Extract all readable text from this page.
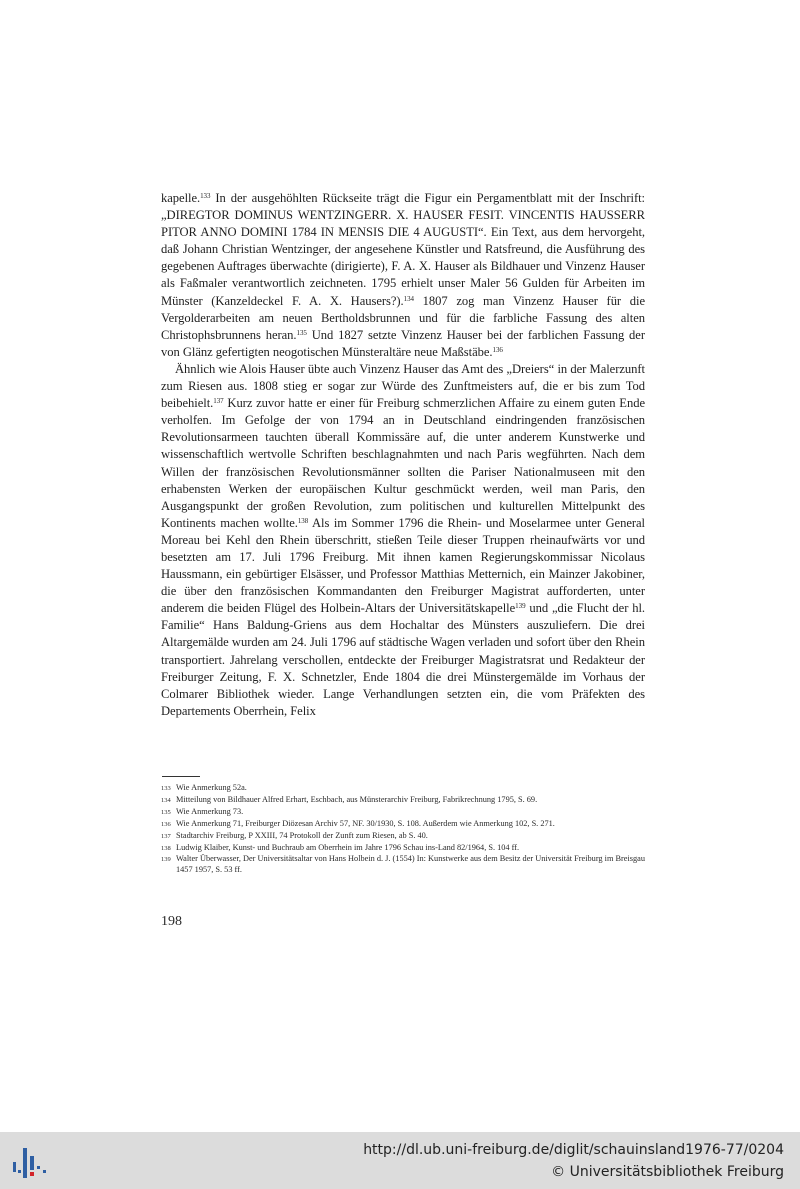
kapelle.$^{133}$ In der ausgehöhlten Rückseite trägt die Figur ein Pergamentblatt mit der Inschrift: „DIREGTOR DOMINUS WENTZINGERR. X. HAUSER FESIT. VINCENTIS HAUSSERR PITOR ANNO DOMINI 1784 IN MENSIS DIE 4 AUGUSTI“. Ein Text, aus dem hervorgeht, daß Johann Christian Wentzinger, der angesehene Künstler und Ratsfreund, die Ausführung des gegebenen Auftrages überwachte (dirigierte), F. A. X. Hauser als Bildhauer und Vinzenz Hauser als Faßmaler verantwortlich zeichneten. 1795 erhielt unser Maler 56 Gulden für Arbeiten im Münster (Kanzeldeckel F. A. X. Hausers?).$^{134}$ 1807 zog man Vinzenz Hauser für die Vergolderarbeiten am neuen Bertholdsbrunnen und für die farbliche Fassung des alten Christophsbrunnens heran.$^{135}$ Und 1827 setzte Vinzenz Hauser bei der farblichen Fassung der von Glänz gefertigten neogotischen Münsteraltäre neue Maßstäbe.$^{136}$

Ähnlich wie Alois Hauser übte auch Vinzenz Hauser das Amt des „Dreiers“ in der Malerzunft zum Riesen aus. 1808 stieg er sogar zur Würde des Zunftmeisters auf, die er bis zum Tod beibehielt.$^{137}$ Kurz zuvor hatte er einer für Freiburg schmerzlichen Affaire zu einem guten Ende verholfen. Im Gefolge der von 1794 an in Deutschland eindringenden französischen Revolutionsarmeen tauchten überall Kommissäre auf, die unter anderem Kunstwerke und wissenschaftlich wertvolle Schriften beschlagnahmten und nach Paris wegführten. Nach dem Willen der französischen Revolutionsmänner sollten die Pariser Nationalmuseen mit den erhabensten Werken der europäischen Kultur geschmückt werden, weil man Paris, den Ausgangspunkt der großen Revolution, zum politischen und kulturellen Mittelpunkt des Kontinents machen wollte.$^{138}$ Als im Sommer 1796 die Rhein- und Moselarmee unter General Moreau bei Kehl den Rhein überschritt, stießen Teile dieser Truppen rheinaufwärts vor und besetzten am 17. Juli 1796 Freiburg. Mit ihnen kamen Regierungskommissar Nicolaus Haussmann, ein gebürtiger Elsässer, und Professor Matthias Metternich, ein Mainzer Jakobiner, die über den französischen Kommandanten den Freiburger Magistrat aufforderten, unter anderem die beiden Flügel des Holbein-Altars der Universitätskapelle$^{139}$ und „die Flucht der hl. Familie“ Hans Baldung-Griens aus dem Hochaltar des Münsters auszuliefern. Die drei Altargemälde wurden am 24. Juli 1796 auf städtische Wagen verladen und sofort über den Rhein transportiert. Jahrelang verschollen, entdeckte der Freiburger Magistratsrat und Redakteur der Freiburger Zeitung, F. X. Schnetzler, Ende 1804 die drei Münstergemälde im Vorhaus der Colmarer Bibliothek wieder. Lange Verhandlungen setzten ein, die vom Präfekten des Departements Oberrhein, Felix

133 Wie Anmerkung 52a.
134 Mitteilung von Bildhauer Alfred Erhart, Eschbach, aus Münsterarchiv Freiburg, Fabrikrechnung 1795, S. 69.
135 Wie Anmerkung 73.
136 Wie Anmerkung 71, Freiburger Diözesan Archiv 57, NF. 30/1930, S. 108. Außerdem wie Anmerkung 102, S. 271.
137 Stadtarchiv Freiburg, P XXIII, 74 Protokoll der Zunft zum Riesen, ab S. 40.
138 Ludwig Klaiber, Kunst- und Buchraub am Oberrhein im Jahre 1796 Schau ins-Land 82/1964, S. 104 ff.
139 Walter Überwasser, Der Universitätsaltar von Hans Holbein d. J. (1554) In: Kunstwerke aus dem Besitz der Universität Freiburg im Breisgau 1457 1957, S. 53 ff.
198
http://dl.ub.uni-freiburg.de/diglit/schauinsland1976-77/0204
© Universitätsbibliothek Freiburg
